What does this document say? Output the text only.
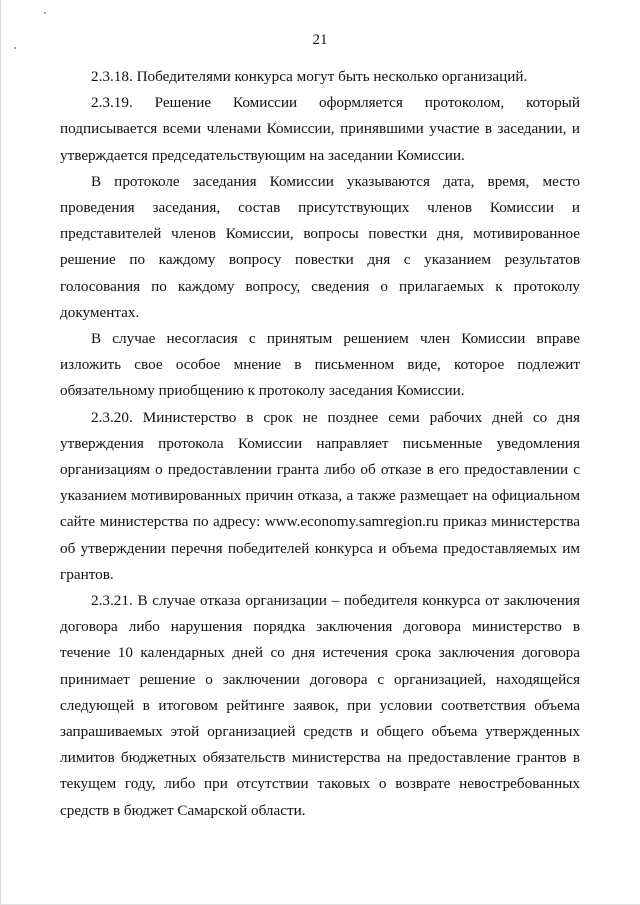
21

2.3.18. Победителями конкурса могут быть несколько организаций.

2.3.19. Решение Комиссии оформляется протоколом, который подписывается всеми членами Комиссии, принявшими участие в заседании, и утверждается председательствующим на заседании Комиссии.

В протоколе заседания Комиссии указываются дата, время, место проведения заседания, состав присутствующих членов Комиссии и представителей членов Комиссии, вопросы повестки дня, мотивированное решение по каждому вопросу повестки дня с указанием результатов голосования по каждому вопросу, сведения о прилагаемых к протоколу документах.

В случае несогласия с принятым решением член Комиссии вправе изложить свое особое мнение в письменном виде, которое подлежит обязательному приобщению к протоколу заседания Комиссии.

2.3.20. Министерство в срок не позднее семи рабочих дней со дня утверждения протокола Комиссии направляет письменные уведомления организациям о предоставлении гранта либо об отказе в его предоставлении с указанием мотивированных причин отказа, а также размещает на официальном сайте министерства по адресу: www.economy.samregion.ru приказ министерства об утверждении перечня победителей конкурса и объема предоставляемых им грантов.

2.3.21. В случае отказа организации – победителя конкурса от заключения договора либо нарушения порядка заключения договора министерство в течение 10 календарных дней со дня истечения срока заключения договора принимает решение о заключении договора с организацией, находящейся следующей в итоговом рейтинге заявок, при условии соответствия объема запрашиваемых этой организацией средств и общего объема утвержденных лимитов бюджетных обязательств министерства на предоставление грантов в текущем году, либо при отсутствии таковых о возврате невостребованных средств в бюджет Самарской области.
